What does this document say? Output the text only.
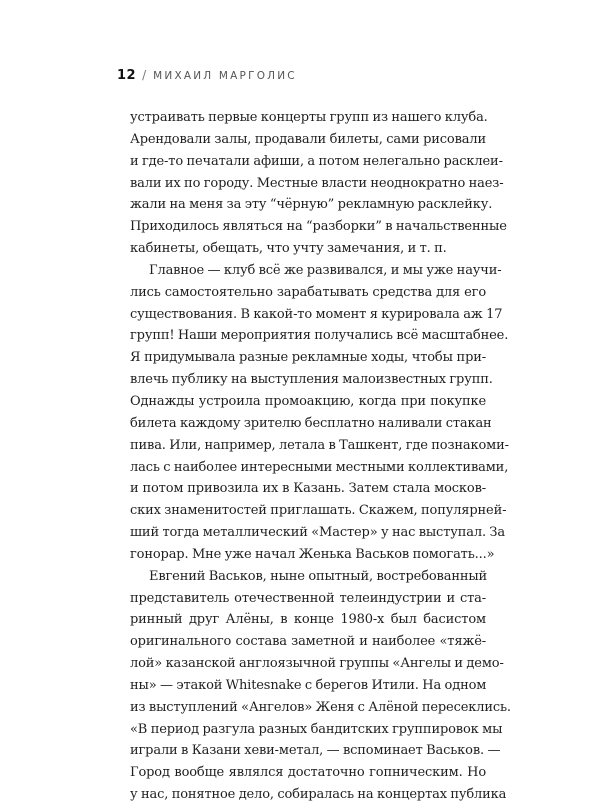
12 / МИХАИЛ МАРГОЛИС
устраивать первые концерты групп из нашего клуба.
Арендовали залы, продавали билеты, сами рисовали
и где-то печатали афиши, а потом нелегально расклеи-
вали их по городу. Местные власти неоднократно наез-
жали на меня за эту “чёрную” рекламную расклейку.
Приходилось являться на “разборки” в начальственные
кабинеты, обещать, что учту замечания, и т. п.
Главное — клуб всё же развивался, и мы уже научи-
лись самостоятельно зарабатывать средства для его
существования. В какой-то момент я курировала аж 17
групп! Наши мероприятия получались всё масштабнее.
Я придумывала разные рекламные ходы, чтобы при-
влечь публику на выступления малоизвестных групп.
Однажды устроила промоакцию, когда при покупке
билета каждому зрителю бесплатно наливали стакан
пива. Или, например, летала в Ташкент, где познакоми-
лась с наиболее интересными местными коллективами,
и потом привозила их в Казань. Затем стала москов-
ских знаменитостей приглашать. Скажем, популярней-
ший тогда металлический «Мастер» у нас выступал. За
гонорар. Мне уже начал Женька Васьков помогать...»
Евгений Васьков, ныне опытный, востребованный
представитель отечественной телеиндустрии и ста-
ринный друг Алёны, в конце 1980-х был басистом
оригинального состава заметной и наиболее «тяжё-
лой» казанской англоязычной группы «Ангелы и демо-
ны» — этакой Whitesnake с берегов Итили. На одном
из выступлений «Ангелов» Женя с Алёной пересеклись.
«В период разгула разных бандитских группировок мы
играли в Казани хеви-метал, — вспоминает Васьков. —
Город вообще являлся достаточно гопническим. Но
у нас, понятное дело, собиралась на концертах публика
